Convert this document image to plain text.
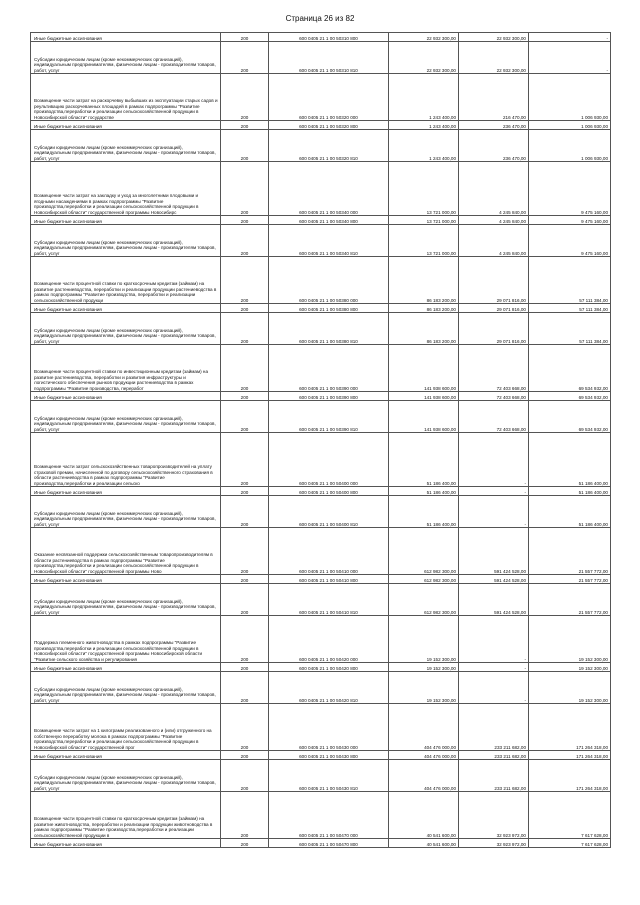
Страница 26 из 82
Иные бюджетные ассигнования	200	600 0405 21 1 00 50310 800	22 932 300,00	22 932 300,00	-
Субсидии юридическим лицам (кроме некоммерческих организаций), индивидуальным предпринимателям, физическим лицам - производителям товаров, работ, услуг	200	600 0405 21 1 00 50310 810	22 932 300,00	22 932 300,00	-
Возмещение части затрат на раскорчевку выбывших из эксплуатации старых садов и реультивацию раскорчеванных площадей в рамках подпрограммы "Развитие производства,переработки и реализации сельскохозяйственной продукции в Новосибирской области" государстве	200	600 0405 21 1 00 50320 000	1 243 400,00	216 470,00	1 006 930,00
Иные бюджетные ассигнования	200	600 0405 21 1 00 50320 800	1 243 400,00	236 470,00	1 006 930,00
Субсидии юридическим лицам (кроме некоммерческих организаций), индивидуальным предпринимателям, физическим лицам - производителям товаров, работ, услуг	200	600 0405 21 1 00 50320 810	1 243 400,00	236 470,00	1 006 930,00
Возмещение части затрат на закладку и уход за многолетними плодовыми и ягодными насаждениями в рамках подпрограммы "Развитие производства,переработки и реализации сельскохозяйственной продукции в Новосибирской области" государственной программы Новосибирс	200	600 0405 21 1 00 50340 000	13 721 000,00	4 245 840,00	9 475 160,00
Иные бюджетные ассигнования	200	600 0405 21 1 00 50340 800	13 721 000,00	4 245 840,00	9 475 160,00
Субсидии юридическим лицам (кроме некоммерческих организаций), индивидуальным предпринимателям, физическим лицам - производителям товаров, работ, услуг	200	600 0405 21 1 00 50340 810	13 721 000,00	4 245 840,00	9 475 160,00
Возмещение части процентной ставки по краткосрочным кредитам (займам) на развитие растениеводства, переработки и реализации продукции растениеводства в рамках подпрограммы "Развитие производства, переработки и реализации сельскохозяйственной продукци	200	600 0405 21 1 00 50380 000	86 183 200,00	29 071 816,00	57 111 384,00
Иные бюджетные ассигнования	200	600 0405 21 1 00 50380 800	86 183 200,00	29 071 816,00	57 111 384,00
Субсидии юридическим лицам (кроме некоммерческих организаций), индивидуальным предпринимателям, физическим лицам - производителям товаров, работ, услуг	200	600 0405 21 1 00 50380 810	86 183 200,00	29 071 816,00	57 111 384,00
Возмещение части процентной ставки по инвестиционным кредитам (займам) на развитие растениеводства, переработки и развития инфраструктуры и логистического обеспечения рынков продукции растениеводства в рамках подпрограммы "Развитие производства, переработ	200	600 0405 21 1 00 50390 000	141 938 600,00	72 403 668,00	69 534 932,00
Иные бюджетные ассигнования	200	600 0405 21 1 00 50390 800	141 938 600,00	72 403 668,00	69 534 932,00
Субсидии юридическим лицам (кроме некоммерческих организаций), индивидуальным предпринимателям, физическим лицам - производителям товаров, работ, услуг	200	600 0405 21 1 00 50390 810	141 938 600,00	72 403 668,00	69 534 932,00
Возмещение части затрат сельскохозяйственных товаропроизводителей на уплату страховой премии, начисленной по договору сельскохозяйственного страхования в области растениеводства в рамках подпрограммы "Развитие производства,переработки и реализации сельско	200	600 0405 21 1 00 50400 000	51 186 400,00	-	51 186 400,00
Иные бюджетные ассигнования	200	600 0405 21 1 00 50400 800	51 186 400,00	-	51 186 400,00
Субсидии юридическим лицам (кроме некоммерческих организаций), индивидуальным предпринимателям, физическим лицам - производителям товаров, работ, услуг	200	600 0405 21 1 00 50400 810	51 186 400,00	-	51 186 400,00
Оказание несвязанной поддержки сельскохозяйственным товаропроизводителям в области растениеводства в рамках подпрограммы "Развитие производства,переработки и реализации сельскохозяйственной продукции в Новосибирской области" государственной программы Ново	200	600 0405 21 1 00 50410 000	612 982 300,00	591 424 528,00	21 557 772,00
Иные бюджетные ассигнования	200	600 0405 21 1 00 50410 800	612 982 300,00	591 424 528,00	21 557 772,00
Субсидии юридическим лицам (кроме некоммерческих организаций), индивидуальным предпринимателям, физическим лицам - производителям товаров, работ, услуг	200	600 0405 21 1 00 50410 810	612 982 300,00	591 424 528,00	21 557 772,00
Поддержка племенного животноводства в рамках подпрограммы "Развитие производства,переработки и реализации сельскохозяйственной продукции в Новосибирской области" государственной программы Новосибирской области "Развитие сельского хозяйства и регулирования	200	600 0405 21 1 00 50420 000	19 152 300,00	-	19 152 300,00
Иные бюджетные ассигнования	200	600 0405 21 1 00 50420 800	19 152 300,00	-	19 152 300,00
Субсидии юридическим лицам (кроме некоммерческих организаций), индивидуальным предпринимателям, физическим лицам - производителям товаров, работ, услуг	200	600 0405 21 1 00 50420 810	19 152 300,00	-	19 152 300,00
Возмещение части затрат на 1 килограмм реализованного и (или) отгруженного на собственную переработку молока в рамках подпрограммы "Развитие производства,переработки и реализации сельскохозяйственной продукции в Новосибирской области" государственной прог	200	600 0405 21 1 00 50430 000	404 476 000,00	233 211 682,00	171 264 318,00
Иные бюджетные ассигнования	200	600 0405 21 1 00 50430 800	404 476 000,00	233 211 682,00	171 264 318,00
Субсидии юридическим лицам (кроме некоммерческих организаций), индивидуальным предпринимателям, физическим лицам - производителям товаров, работ, услуг	200	600 0405 21 1 00 50430 810	404 476 000,00	233 211 682,00	171 264 318,00
Возмещение части процентной ставки по краткосрочным кредитам (займам) на развитие животноводства, переработки и реализации продукции животноводства в рамках подпрограммы "Развитие производства,переработки и реализации сельскохозяйственной продукции в	200	600 0405 21 1 00 50470 000	40 541 600,00	32 923 972,00	7 617 628,00
Иные бюджетные ассигнования	200	600 0405 21 1 00 50470 800	40 541 600,00	32 923 972,00	7 617 628,00
